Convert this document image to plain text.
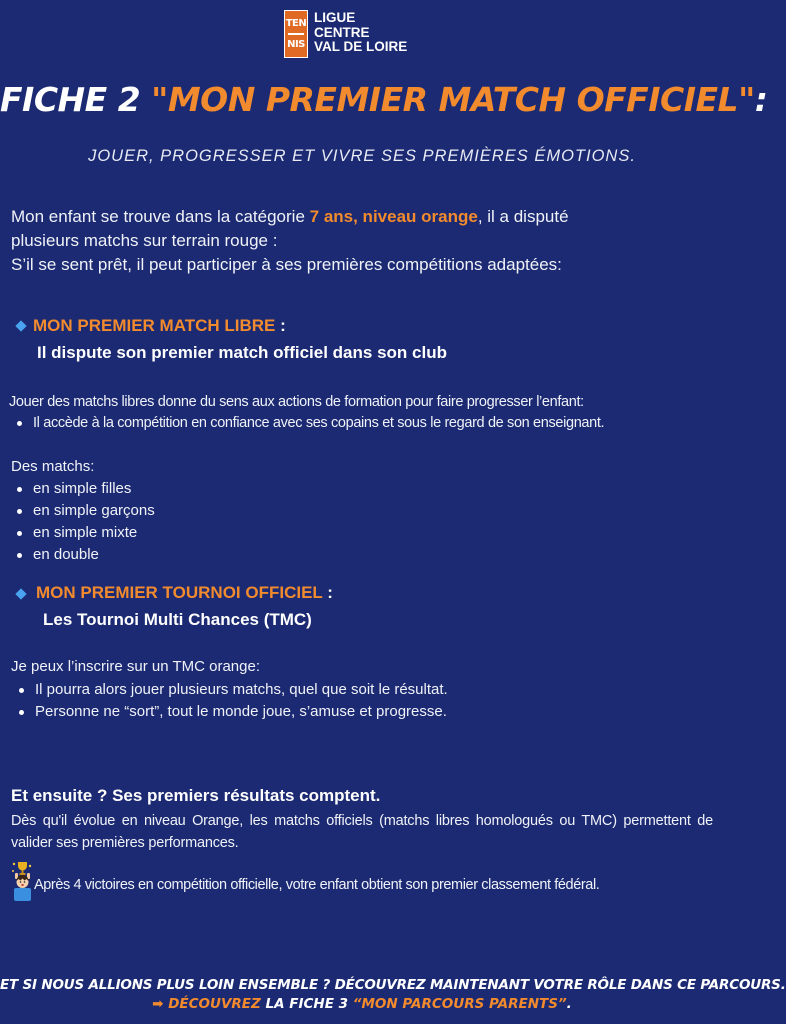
TEN
NIS
LIGUE
CENTRE
VAL DE LOIRE
FICHE 2 "MON PREMIER MATCH OFFICIEL":
JOUER, PROGRESSER ET VIVRE SES PREMIÈRES ÉMOTIONS.
Mon enfant se trouve dans la catégorie 7 ans, niveau orange, il a disputé
plusieurs matchs sur terrain rouge :
S’il se sent prêt, il peut participer à ses premières compétitions adaptées:
MON PREMIER MATCH LIBRE :
Il dispute son premier match officiel dans son club
Jouer des matchs libres donne du sens aux actions de formation pour faire progresser l’enfant:
Il accède à la compétition en confiance avec ses copains et sous le regard de son enseignant.
Des matchs:
en simple filles
en simple garçons
en simple mixte
en double
MON PREMIER TOURNOI OFFICIEL :
Les Tournoi Multi Chances (TMC)
Je peux l’inscrire sur un TMC orange:
Il pourra alors jouer plusieurs matchs, quel que soit le résultat.
Personne ne “sort”, tout le monde joue, s’amuse et progresse.
Et ensuite ? Ses premiers résultats comptent.
Dès qu'il évolue en niveau Orange, les matchs officiels (matchs libres homologués ou TMC) permettent de valider ses premières performances.
Après 4 victoires en compétition officielle, votre enfant obtient son premier classement fédéral.
ET SI NOUS ALLIONS PLUS LOIN ENSEMBLE ? DÉCOUVREZ MAINTENANT VOTRE RÔLE DANS CE PARCOURS.
➡ DÉCOUVREZ LA FICHE 3 “MON PARCOURS PARENTS”.
